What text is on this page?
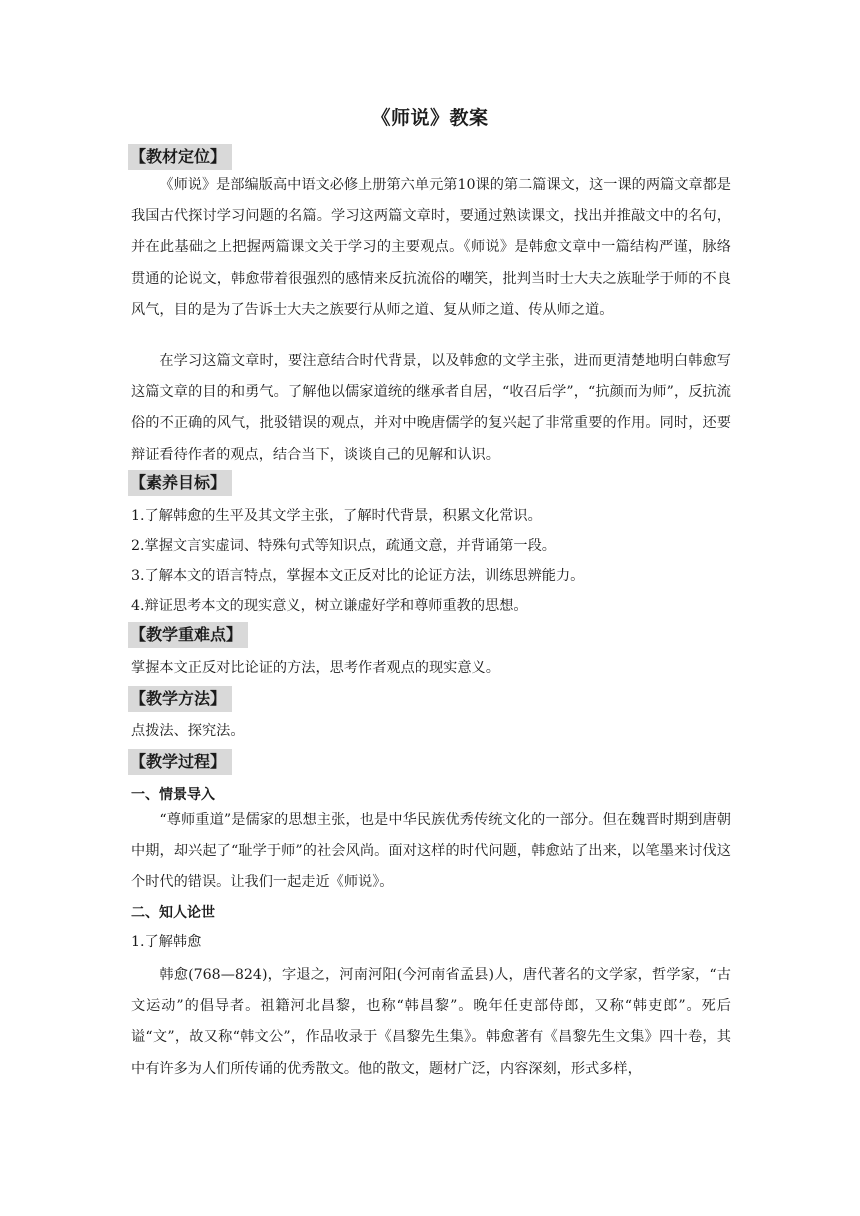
《师说》教案
【教材定位】

《师说》是部编版高中语文必修上册第六单元第10课的第二篇课文，这一课的两篇文章都是我国古代探讨学习问题的名篇。学习这两篇文章时，要通过熟读课文，找出并推敲文中的名句，并在此基础之上把握两篇课文关于学习的主要观点。《师说》是韩愈文章中一篇结构严谨，脉络贯通的论说文，韩愈带着很强烈的感情来反抗流俗的嘲笑，批判当时士大夫之族耻学于师的不良风气，目的是为了告诉士大夫之族要行从师之道、复从师之道、传从师之道。

在学习这篇文章时，要注意结合时代背景，以及韩愈的文学主张，进而更清楚地明白韩愈写这篇文章的目的和勇气。了解他以儒家道统的继承者自居，“收召后学”，“抗颜而为师”，反抗流俗的不正确的风气，批驳错误的观点，并对中晚唐儒学的复兴起了非常重要的作用。同时，还要辩证看待作者的观点，结合当下，谈谈自己的见解和认识。

【素养目标】
1.了解韩愈的生平及其文学主张，了解时代背景，积累文化常识。
2.掌握文言实虚词、特殊句式等知识点，疏通文意，并背诵第一段。
3.了解本文的语言特点，掌握本文正反对比的论证方法，训练思辨能力。
4.辩证思考本文的现实意义，树立谦虚好学和尊师重教的思想。
【教学重难点】
掌握本文正反对比论证的方法，思考作者观点的现实意义。
【教学方法】
点拨法、探究法。
【教学过程】
一、情景导入

“尊师重道”是儒家的思想主张，也是中华民族优秀传统文化的一部分。但在魏晋时期到唐朝中期，却兴起了“耻学于师”的社会风尚。面对这样的时代问题，韩愈站了出来，以笔墨来讨伐这个时代的错误。让我们一起走近《师说》。

二、知人论世
1.了解韩愈

韩愈(768—824)，字退之，河南河阳(今河南省孟县)人，唐代著名的文学家，哲学家，“古文运动”的倡导者。祖籍河北昌黎，也称“韩昌黎”。晚年任吏部侍郎，又称“韩吏郎”。死后谥“文”，故又称“韩文公”，作品收录于《昌黎先生集》。韩愈著有《昌黎先生文集》四十卷，其中有许多为人们所传诵的优秀散文。他的散文，题材广泛，内容深刻，形式多样，
